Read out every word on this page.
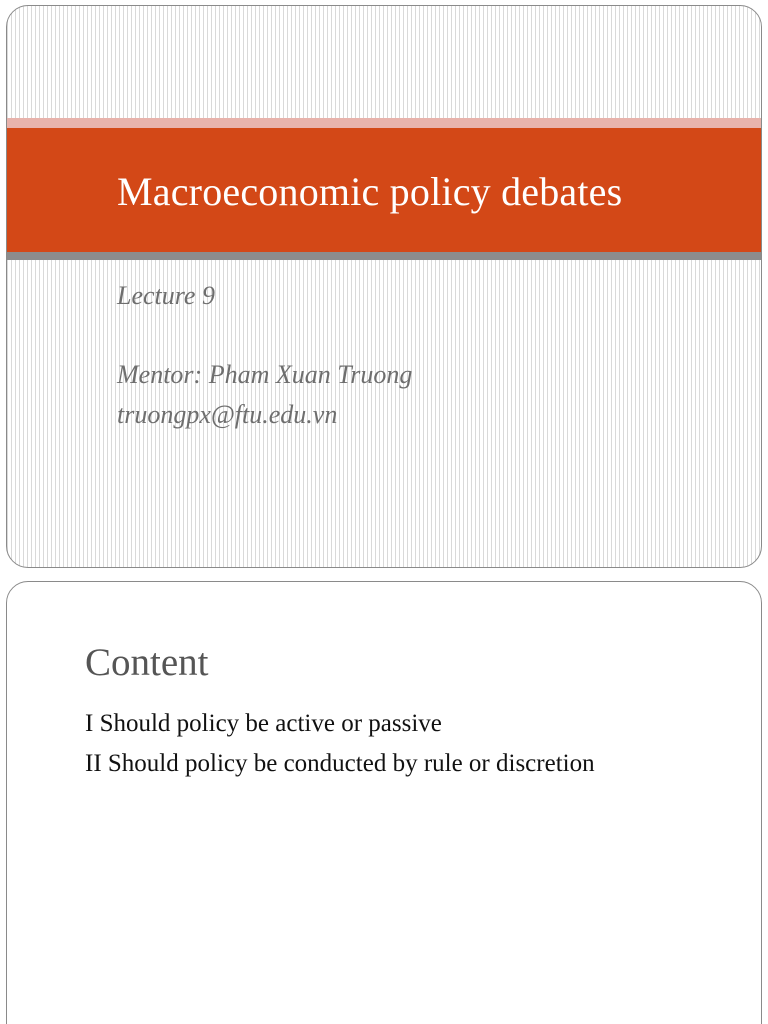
Macroeconomic policy debates
Lecture 9
Mentor: Pham Xuan Truong
truongpx@ftu.edu.vn
Content
I Should policy be active or passive
II Should policy be conducted by rule or discretion
